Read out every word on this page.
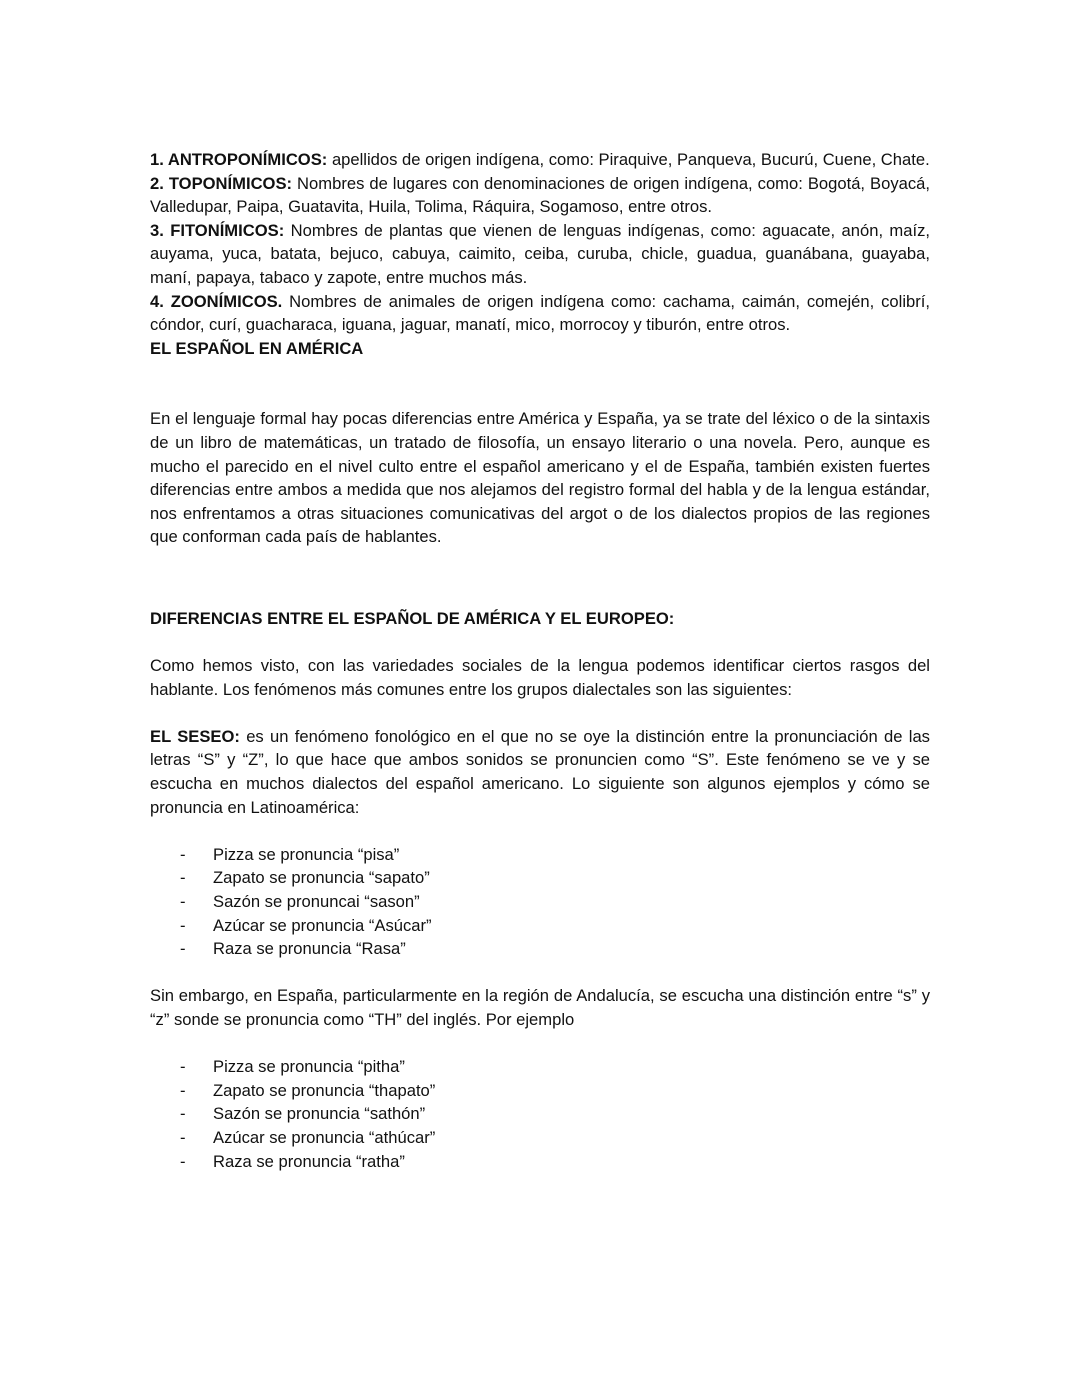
1. ANTROPONÍMICOS: apellidos de origen indígena, como: Piraquive, Panqueva, Bucurú, Cuene, Chate.

2. TOPONÍMICOS: Nombres de lugares con denominaciones de origen indígena, como: Bogotá, Boyacá, Valledupar, Paipa, Guatavita, Huila, Tolima, Ráquira, Sogamoso, entre otros.

3. FITONÍMICOS: Nombres de plantas que vienen de lenguas indígenas, como: aguacate, anón, maíz, auyama, yuca, batata, bejuco, cabuya, caimito, ceiba, curuba, chicle, guadua, guanábana, guayaba, maní, papaya, tabaco y zapote, entre muchos más.

4. ZOONÍMICOS. Nombres de animales de origen indígena como: cachama, caimán, comején, colibrí, cóndor, curí, guacharaca, iguana, jaguar, manatí, mico, morrocoy y tiburón, entre otros.

EL ESPAÑOL EN AMÉRICA

En el lenguaje formal hay pocas diferencias entre América y España, ya se trate del léxico o de la sintaxis de un libro de matemáticas, un tratado de filosofía, un ensayo literario o una novela. Pero, aunque es mucho el parecido en el nivel culto entre el español americano y el de España, también existen fuertes diferencias entre ambos a medida que nos alejamos del registro formal del habla y de la lengua estándar, nos enfrentamos a otras situaciones comunicativas del argot o de los dialectos propios de las regiones que conforman cada país de hablantes.

DIFERENCIAS ENTRE EL ESPAÑOL DE AMÉRICA Y EL EUROPEO:

Como hemos visto, con las variedades sociales de la lengua podemos identificar ciertos rasgos del hablante. Los fenómenos más comunes entre los grupos dialectales son las siguientes:

EL SESEO: es un fenómeno fonológico en el que no se oye la distinción entre la pronunciación de las letras “S” y “Z”, lo que hace que ambos sonidos se pronuncien como “S”. Este fenómeno se ve y se escucha en muchos dialectos del español americano. Lo siguiente son algunos ejemplos y cómo se pronuncia en Latinoamérica:

- Pizza se pronuncia “pisa”
- Zapato se pronuncia “sapato”
- Sazón se pronuncai “sason”
- Azúcar se pronuncia “Asúcar”
- Raza se pronuncia “Rasa”

Sin embargo, en España, particularmente en la región de Andalucía, se escucha una distinción entre “s” y “z” sonde se pronuncia como “TH” del inglés. Por ejemplo

- Pizza se pronuncia “pitha”
- Zapato se pronuncia “thapato”
- Sazón se pronuncia “sathón”
- Azúcar se pronuncia “athúcar”
- Raza se pronuncia “ratha”
